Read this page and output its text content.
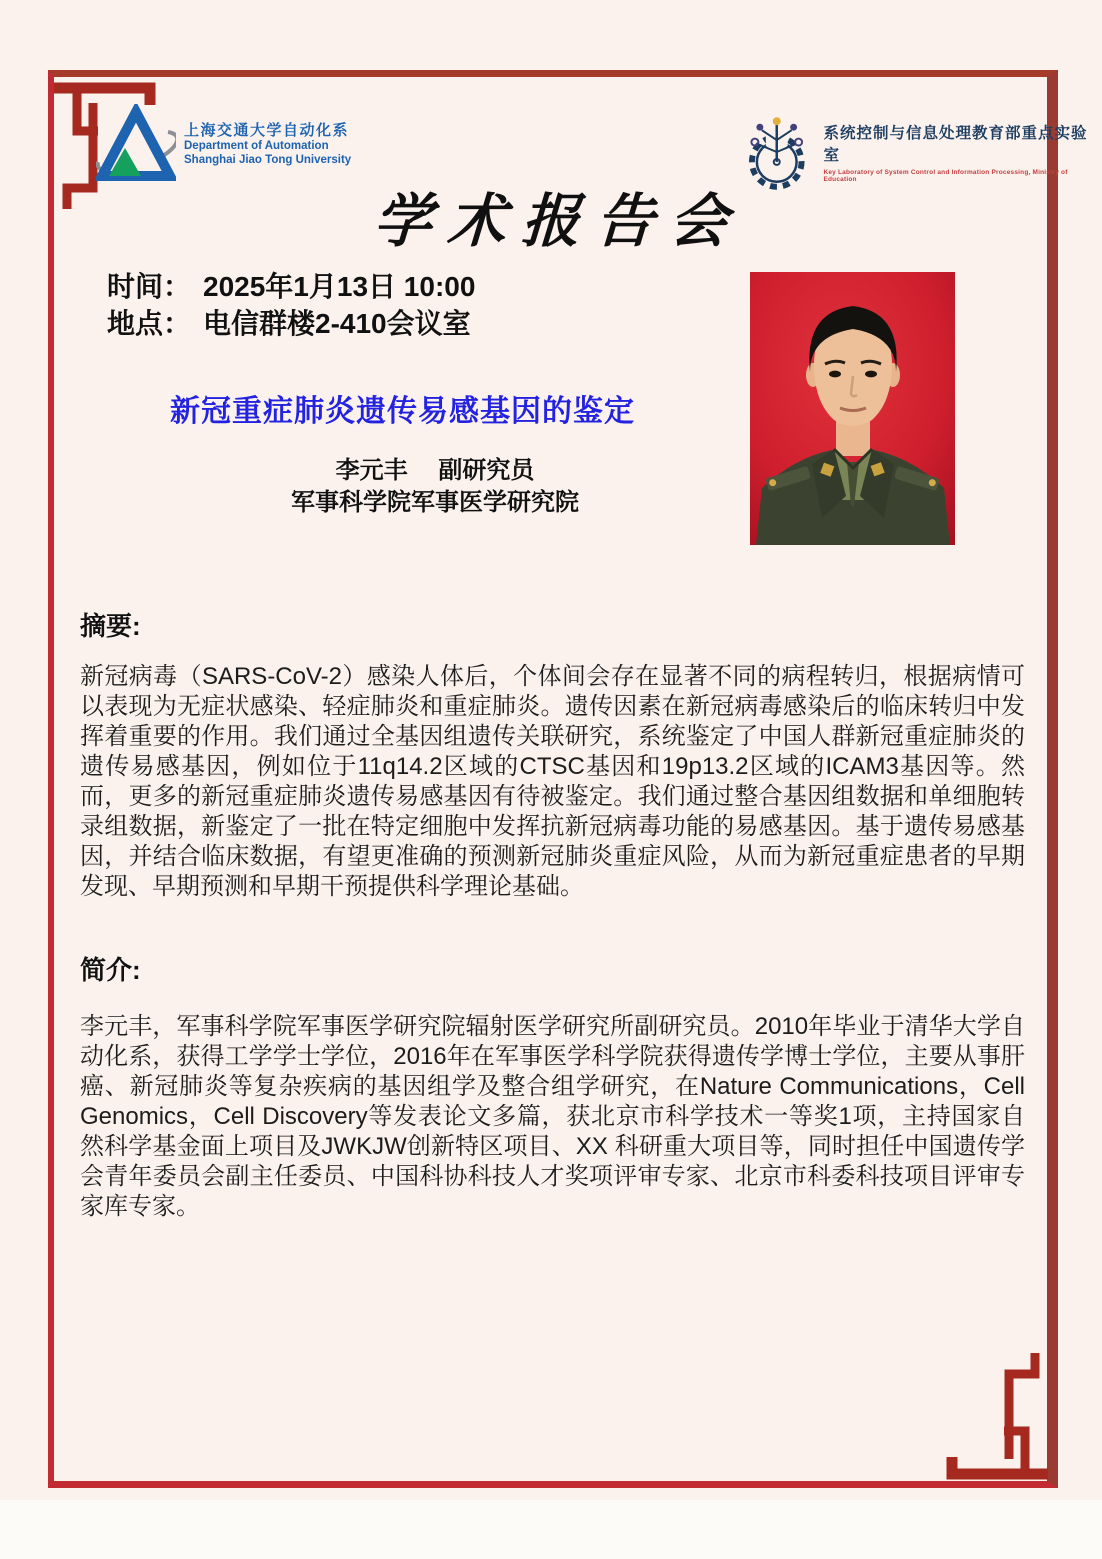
上海交通大学自动化系
Department of Automation
Shanghai Jiao Tong University
系统控制与信息处理教育部重点实验室
Key Laboratory of System Control and Information Processing, Ministry of Education
学术报告会
时间： 2025年1月13日 10:00
地点： 电信群楼2-410会议室
新冠重症肺炎遗传易感基因的鉴定
李元丰　 副研究员
军事科学院军事医学研究院
摘要:
新冠病毒（SARS-CoV-2）感染人体后，个体间会存在显著不同的病程转归，根据病情可以表现为无症状感染、轻症肺炎和重症肺炎。遗传因素在新冠病毒感染后的临床转归中发挥着重要的作用。我们通过全基因组遗传关联研究，系统鉴定了中国人群新冠重症肺炎的遗传易感基因，例如位于11q14.2区域的CTSC基因和19p13.2区域的ICAM3基因等。然而，更多的新冠重症肺炎遗传易感基因有待被鉴定。我们通过整合基因组数据和单细胞转录组数据，新鉴定了一批在特定细胞中发挥抗新冠病毒功能的易感基因。基于遗传易感基因，并结合临床数据，有望更准确的预测新冠肺炎重症风险，从而为新冠重症患者的早期发现、早期预测和早期干预提供科学理论基础。
简介:
李元丰，军事科学院军事医学研究院辐射医学研究所副研究员。2010年毕业于清华大学自动化系，获得工学学士学位，2016年在军事医学科学院获得遗传学博士学位，主要从事肝癌、新冠肺炎等复杂疾病的基因组学及整合组学研究，在Nature Communications，Cell Genomics，Cell Discovery等发表论文多篇，获北京市科学技术一等奖1项，主持国家自然科学基金面上项目及JWKJW创新特区项目、XX 科研重大项目等，同时担任中国遗传学会青年委员会副主任委员、中国科协科技人才奖项评审专家、北京市科委科技项目评审专家库专家。
